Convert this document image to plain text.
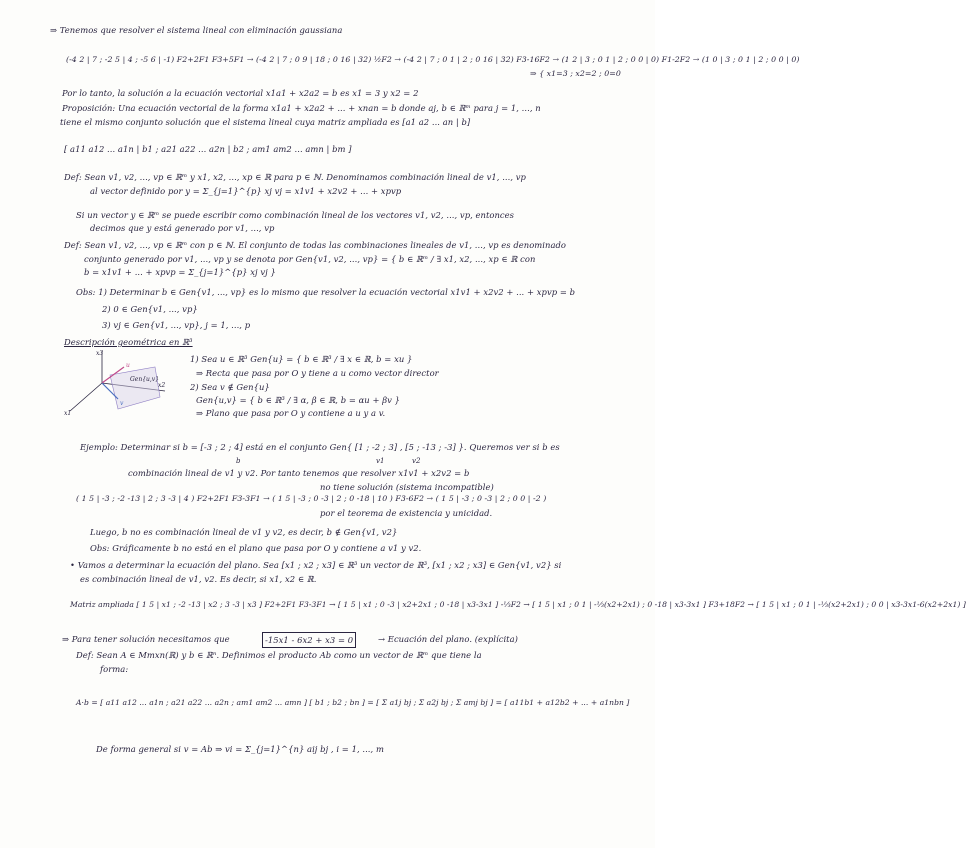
⇒ Tenemos que resolver el sistema lineal con eliminación gaussiana
(-4 2 | 7 ; -2 5 | 4 ; -5 6 | -1) F2+2F1 F3+5F1 → (-4 2 | 7 ; 0 9 | 18 ; 0 16 | 32) ½F2 → (-4 2 | 7 ; 0 1 | 2 ; 0 16 | 32) F3-16F2 → (1 2 | 3 ; 0 1 | 2 ; 0 0 | 0) F1-2F2 → (1 0 | 3 ; 0 1 | 2 ; 0 0 | 0)
⇒ { x1=3 ; x2=2 ; 0=0
Por lo tanto, la solución a la ecuación vectorial x1a1 + x2a2 = b es x1 = 3 y x2 = 2
Proposición: Una ecuación vectorial de la forma x1a1 + x2a2 + ... + xnan = b donde aj, b ∈ ℝᵐ para j = 1, ..., n
tiene el mismo conjunto solución que el sistema lineal cuya matriz ampliada es [a1 a2 ... an | b]
[ a11 a12 ... a1n | b1 ; a21 a22 ... a2n | b2 ; am1 am2 ... amn | bm ]
Def: Sean v1, v2, ..., vp ∈ ℝᵐ y x1, x2, ..., xp ∈ ℝ para p ∈ ℕ. Denominamos combinación lineal de v1, ..., vp
al vector definido por y = Σ_{j=1}^{p} xj vj = x1v1 + x2v2 + ... + xpvp
Si un vector y ∈ ℝᵐ se puede escribir como combinación lineal de los vectores v1, v2, ..., vp, entonces
decimos que y está generado por v1, ..., vp
Def: Sean v1, v2, ..., vp ∈ ℝᵐ con p ∈ ℕ. El conjunto de todas las combinaciones lineales de v1, ..., vp es denominado
conjunto generado por v1, ..., vp y se denota por Gen{v1, v2, ..., vp} = { b ∈ ℝᵐ / ∃ x1, x2, ..., xp ∈ ℝ con
b = x1v1 + ... + xpvp = Σ_{j=1}^{p} xj vj }
Obs: 1) Determinar b ∈ Gen{v1, ..., vp} es lo mismo que resolver la ecuación vectorial x1v1 + x2v2 + ... + xpvp = b
2) 0 ∈ Gen{v1, ..., vp}
3) vj ∈ Gen{v1, ..., vp}, j = 1, ..., p
Descripción geométrica en ℝ³
x3
x1
x2
u
v
Gen{u,v}
1) Sea u ∈ ℝ³ Gen{u} = { b ∈ ℝ³ / ∃ x ∈ ℝ, b = xu }
⇒ Recta que pasa por O y tiene a u como vector director
2) Sea v ∉ Gen{u}
Gen{u,v} = { b ∈ ℝ³ / ∃ α, β ∈ ℝ, b = αu + βv }
⇒ Plano que pasa por O y contiene a u y a v.
Ejemplo: Determinar si b = [-3 ; 2 ; 4] está en el conjunto Gen{ [1 ; -2 ; 3] , [5 ; -13 ; -3] }. Queremos ver si b es
b	v1	v2
combinación lineal de v1 y v2. Por tanto tenemos que resolver x1v1 + x2v2 = b
( 1 5 | -3 ; -2 -13 | 2 ; 3 -3 | 4 ) F2+2F1 F3-3F1 → ( 1 5 | -3 ; 0 -3 | 2 ; 0 -18 | 10 ) F3-6F2 → ( 1 5 | -3 ; 0 -3 | 2 ; 0 0 | -2 )
no tiene solución (sistema incompatible)
por el teorema de existencia y unicidad.
Luego, b no es combinación lineal de v1 y v2, es decir, b ∉ Gen{v1, v2}
Obs: Gráficamente b no está en el plano que pasa por O y contiene a v1 y v2.
• Vamos a determinar la ecuación del plano. Sea [x1 ; x2 ; x3] ∈ ℝ³ un vector de ℝ³, [x1 ; x2 ; x3] ∈ Gen{v1, v2} si
es combinación lineal de v1, v2. Es decir, si x1, x2 ∈ ℝ.
Matriz ampliada [ 1 5 | x1 ; -2 -13 | x2 ; 3 -3 | x3 ] F2+2F1 F3-3F1 → [ 1 5 | x1 ; 0 -3 | x2+2x1 ; 0 -18 | x3-3x1 ] -⅓F2 → [ 1 5 | x1 ; 0 1 | -⅓(x2+2x1) ; 0 -18 | x3-3x1 ] F3+18F2 → [ 1 5 | x1 ; 0 1 | -⅓(x2+2x1) ; 0 0 | x3-3x1-6(x2+2x1) ]
⇒ Para tener solución necesitamos que	-15x1 - 6x2 + x3 = 0	→ Ecuación del plano. (explícita)
Def: Sean A ∈ Mmxn(ℝ) y b ∈ ℝⁿ. Definimos el producto Ab como un vector de ℝᵐ que tiene la
forma:
A·b = [ a11 a12 ... a1n ; a21 a22 ... a2n ; am1 am2 ... amn ] [ b1 ; b2 ; bn ] = [ Σ a1j bj ; Σ a2j bj ; Σ amj bj ] = [ a11b1 + a12b2 + ... + a1nbn ]
De forma general si v = Ab ⇒ vi = Σ_{j=1}^{n} aij bj , i = 1, ..., m
